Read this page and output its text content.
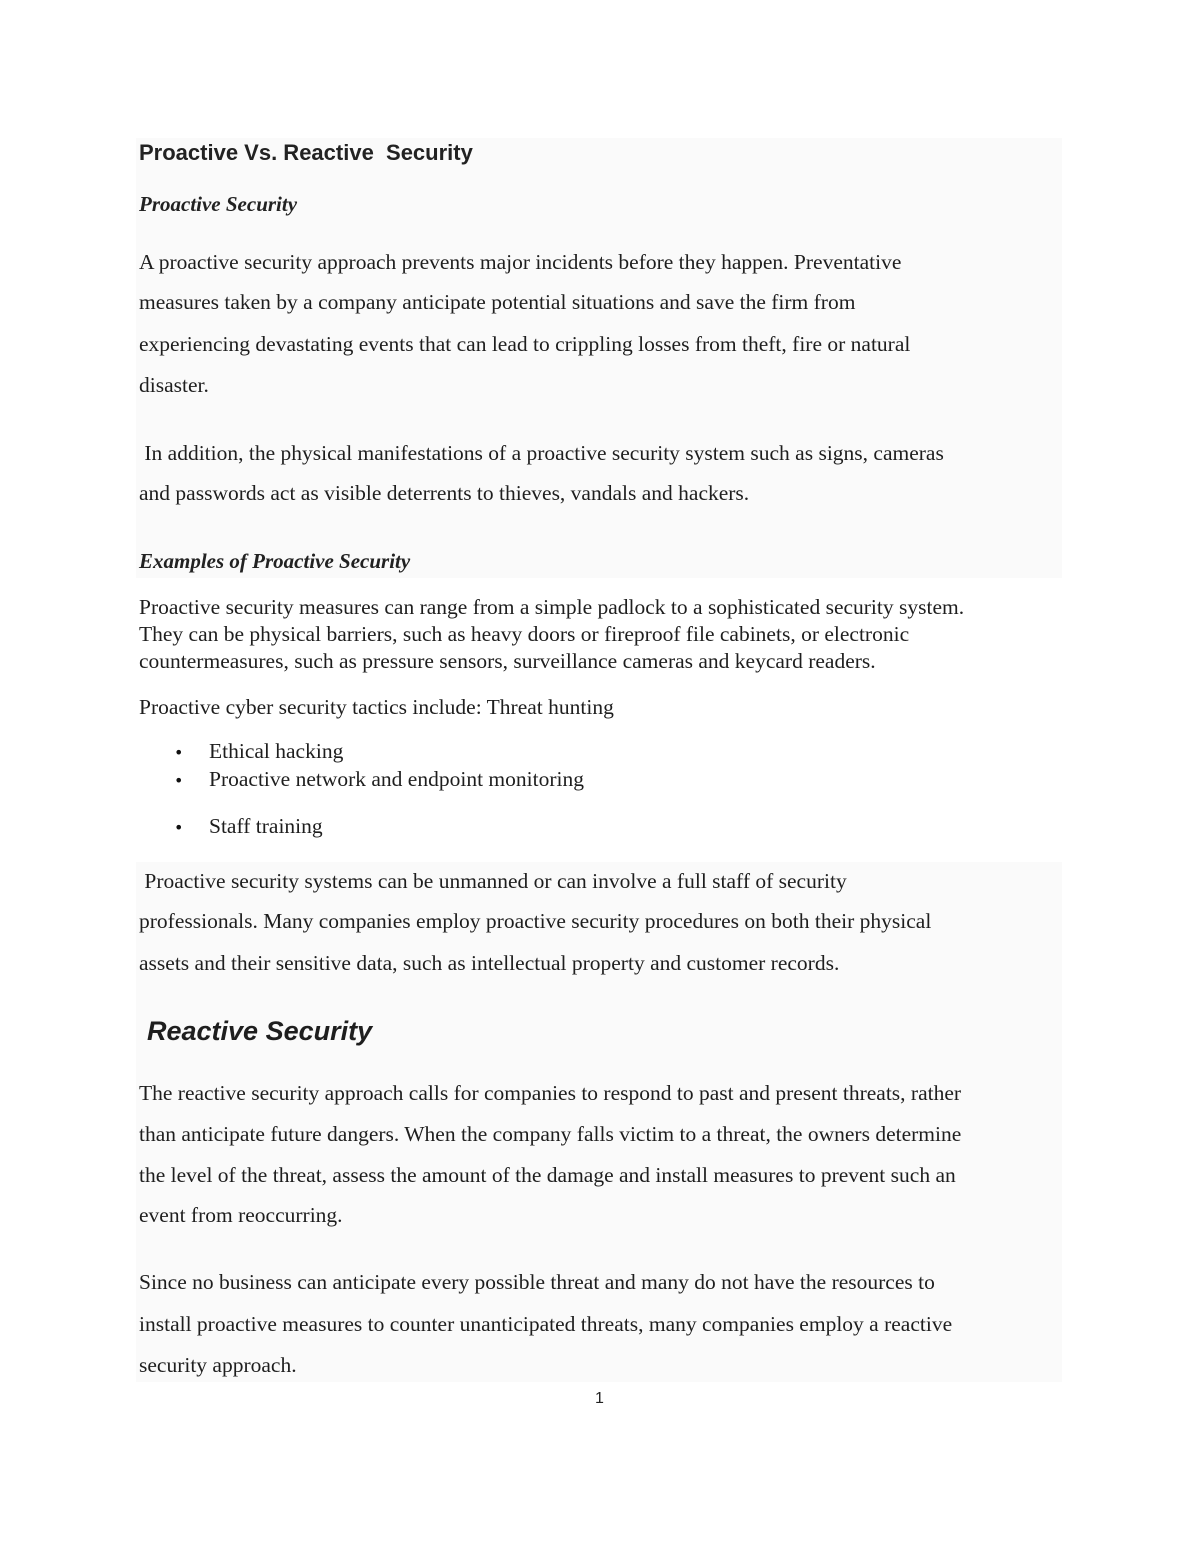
Proactive Vs. Reactive  Security
Proactive Security
A proactive security approach prevents major incidents before they happen. Preventative
measures taken by a company anticipate potential situations and save the firm from
experiencing devastating events that can lead to crippling losses from theft, fire or natural
disaster.
In addition, the physical manifestations of a proactive security system such as signs, cameras
and passwords act as visible deterrents to thieves, vandals and hackers.
Examples of Proactive Security
Proactive security measures can range from a simple padlock to a sophisticated security system.
They can be physical barriers, such as heavy doors or fireproof file cabinets, or electronic
countermeasures, such as pressure sensors, surveillance cameras and keycard readers.
Proactive cyber security tactics include: Threat hunting
• Ethical hacking
• Proactive network and endpoint monitoring
• Staff training
Proactive security systems can be unmanned or can involve a full staff of security
professionals. Many companies employ proactive security procedures on both their physical
assets and their sensitive data, such as intellectual property and customer records.
Reactive Security
The reactive security approach calls for companies to respond to past and present threats, rather
than anticipate future dangers. When the company falls victim to a threat, the owners determine
the level of the threat, assess the amount of the damage and install measures to prevent such an
event from reoccurring.
Since no business can anticipate every possible threat and many do not have the resources to
install proactive measures to counter unanticipated threats, many companies employ a reactive
security approach.
1
